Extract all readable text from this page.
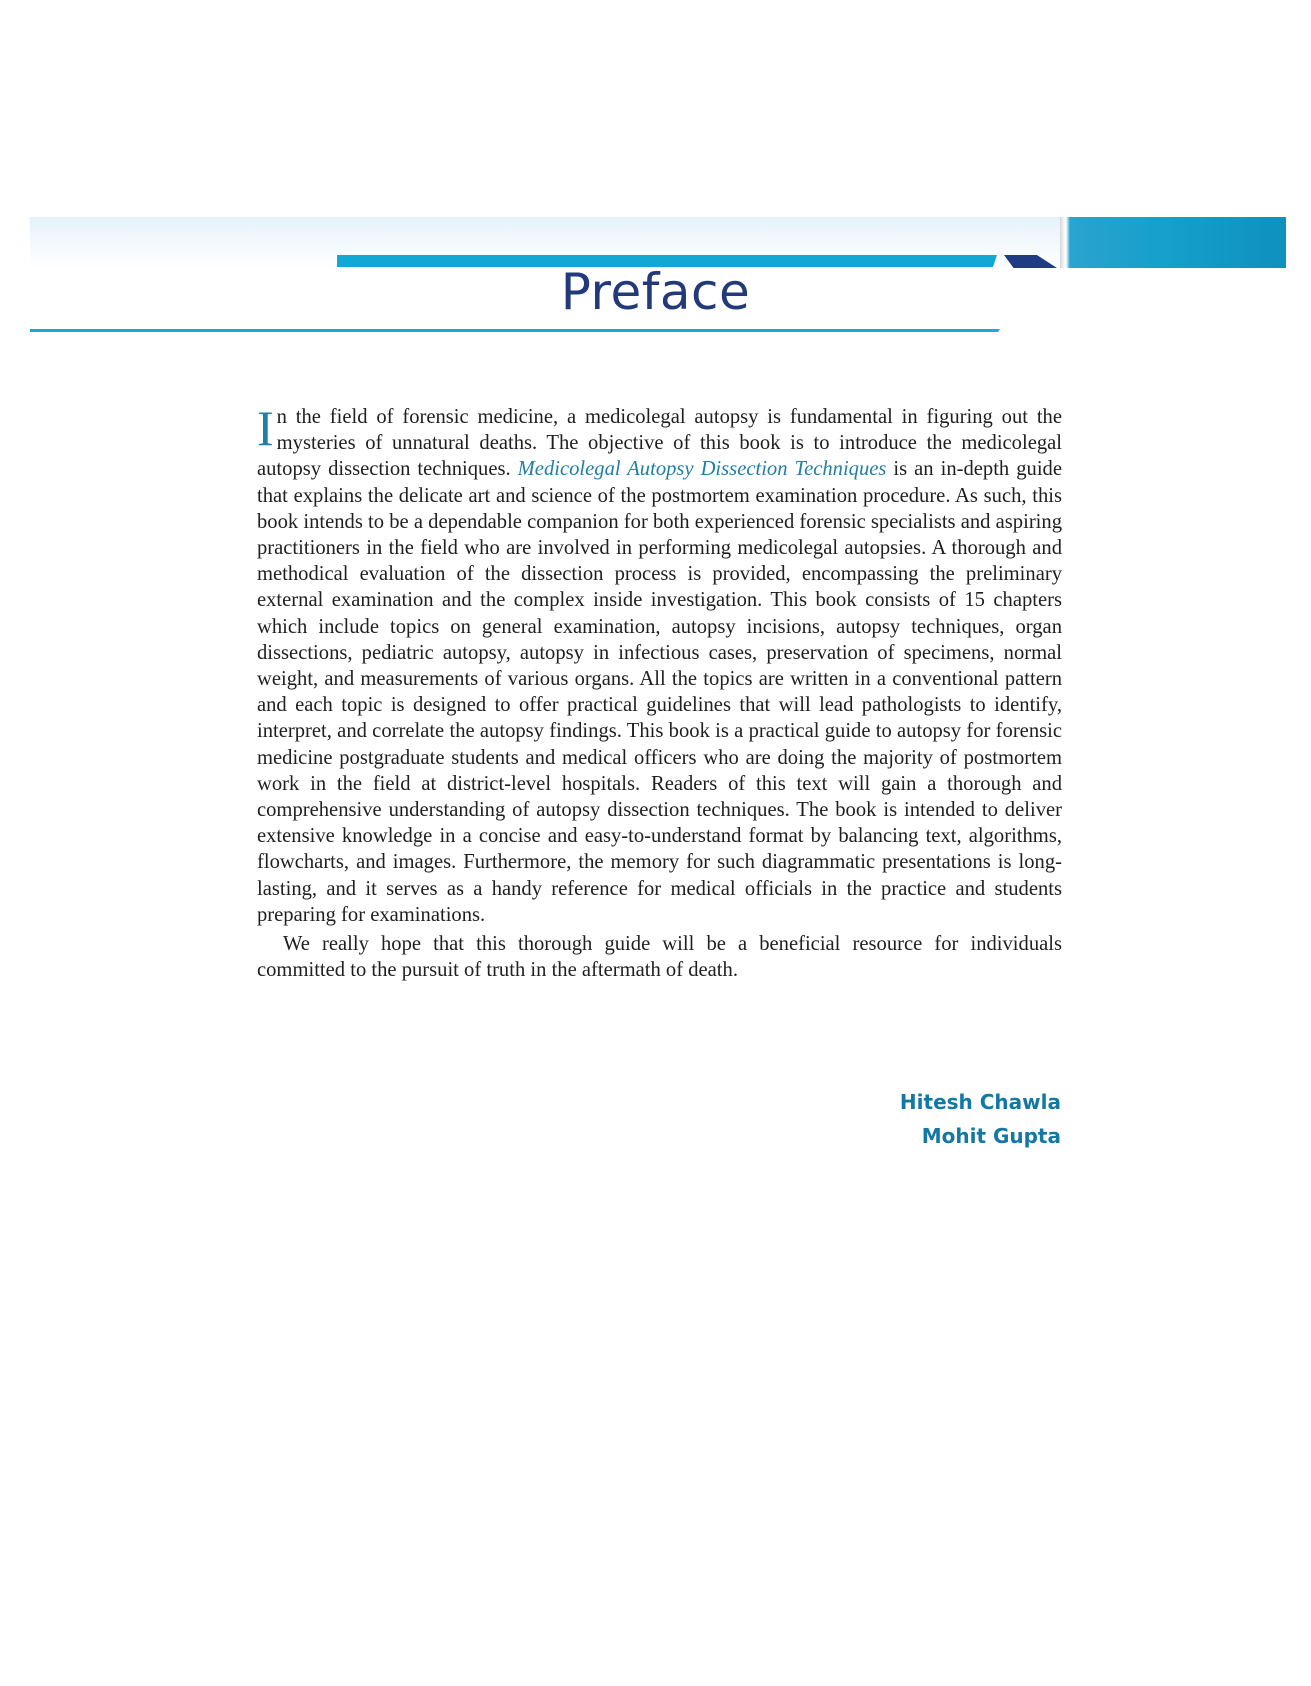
Preface

In the field of forensic medicine, a medicolegal autopsy is fundamental in figuring out the mysteries of unnatural deaths. The objective of this book is to introduce the medicolegal autopsy dissection techniques. Medicolegal Autopsy Dissection Techniques is an in-depth guide that explains the delicate art and science of the postmortem examination procedure. As such, this book intends to be a dependable companion for both experienced forensic specialists and aspiring practitioners in the field who are involved in performing medicolegal autopsies. A thorough and methodical evaluation of the dissection process is provided, encompassing the preliminary external examination and the complex inside investigation. This book consists of 15 chapters which include topics on general examination, autopsy incisions, autopsy techniques, organ dissections, pediatric autopsy, autopsy in infectious cases, preservation of specimens, normal weight, and measurements of various organs. All the topics are written in a conventional pattern and each topic is designed to offer practical guidelines that will lead pathologists to identify, interpret, and correlate the autopsy findings. This book is a practical guide to autopsy for forensic medicine postgraduate students and medical officers who are doing the majority of postmortem work in the field at district-level hospitals. Readers of this text will gain a thorough and comprehensive understanding of autopsy dissection techniques. The book is intended to deliver extensive knowledge in a concise and easy-to-understand format by balancing text, algorithms, flowcharts, and images. Furthermore, the memory for such diagrammatic presentations is long-lasting, and it serves as a handy reference for medical officials in the practice and students preparing for examinations.

We really hope that this thorough guide will be a beneficial resource for individuals committed to the pursuit of truth in the aftermath of death.

Hitesh Chawla
Mohit Gupta
